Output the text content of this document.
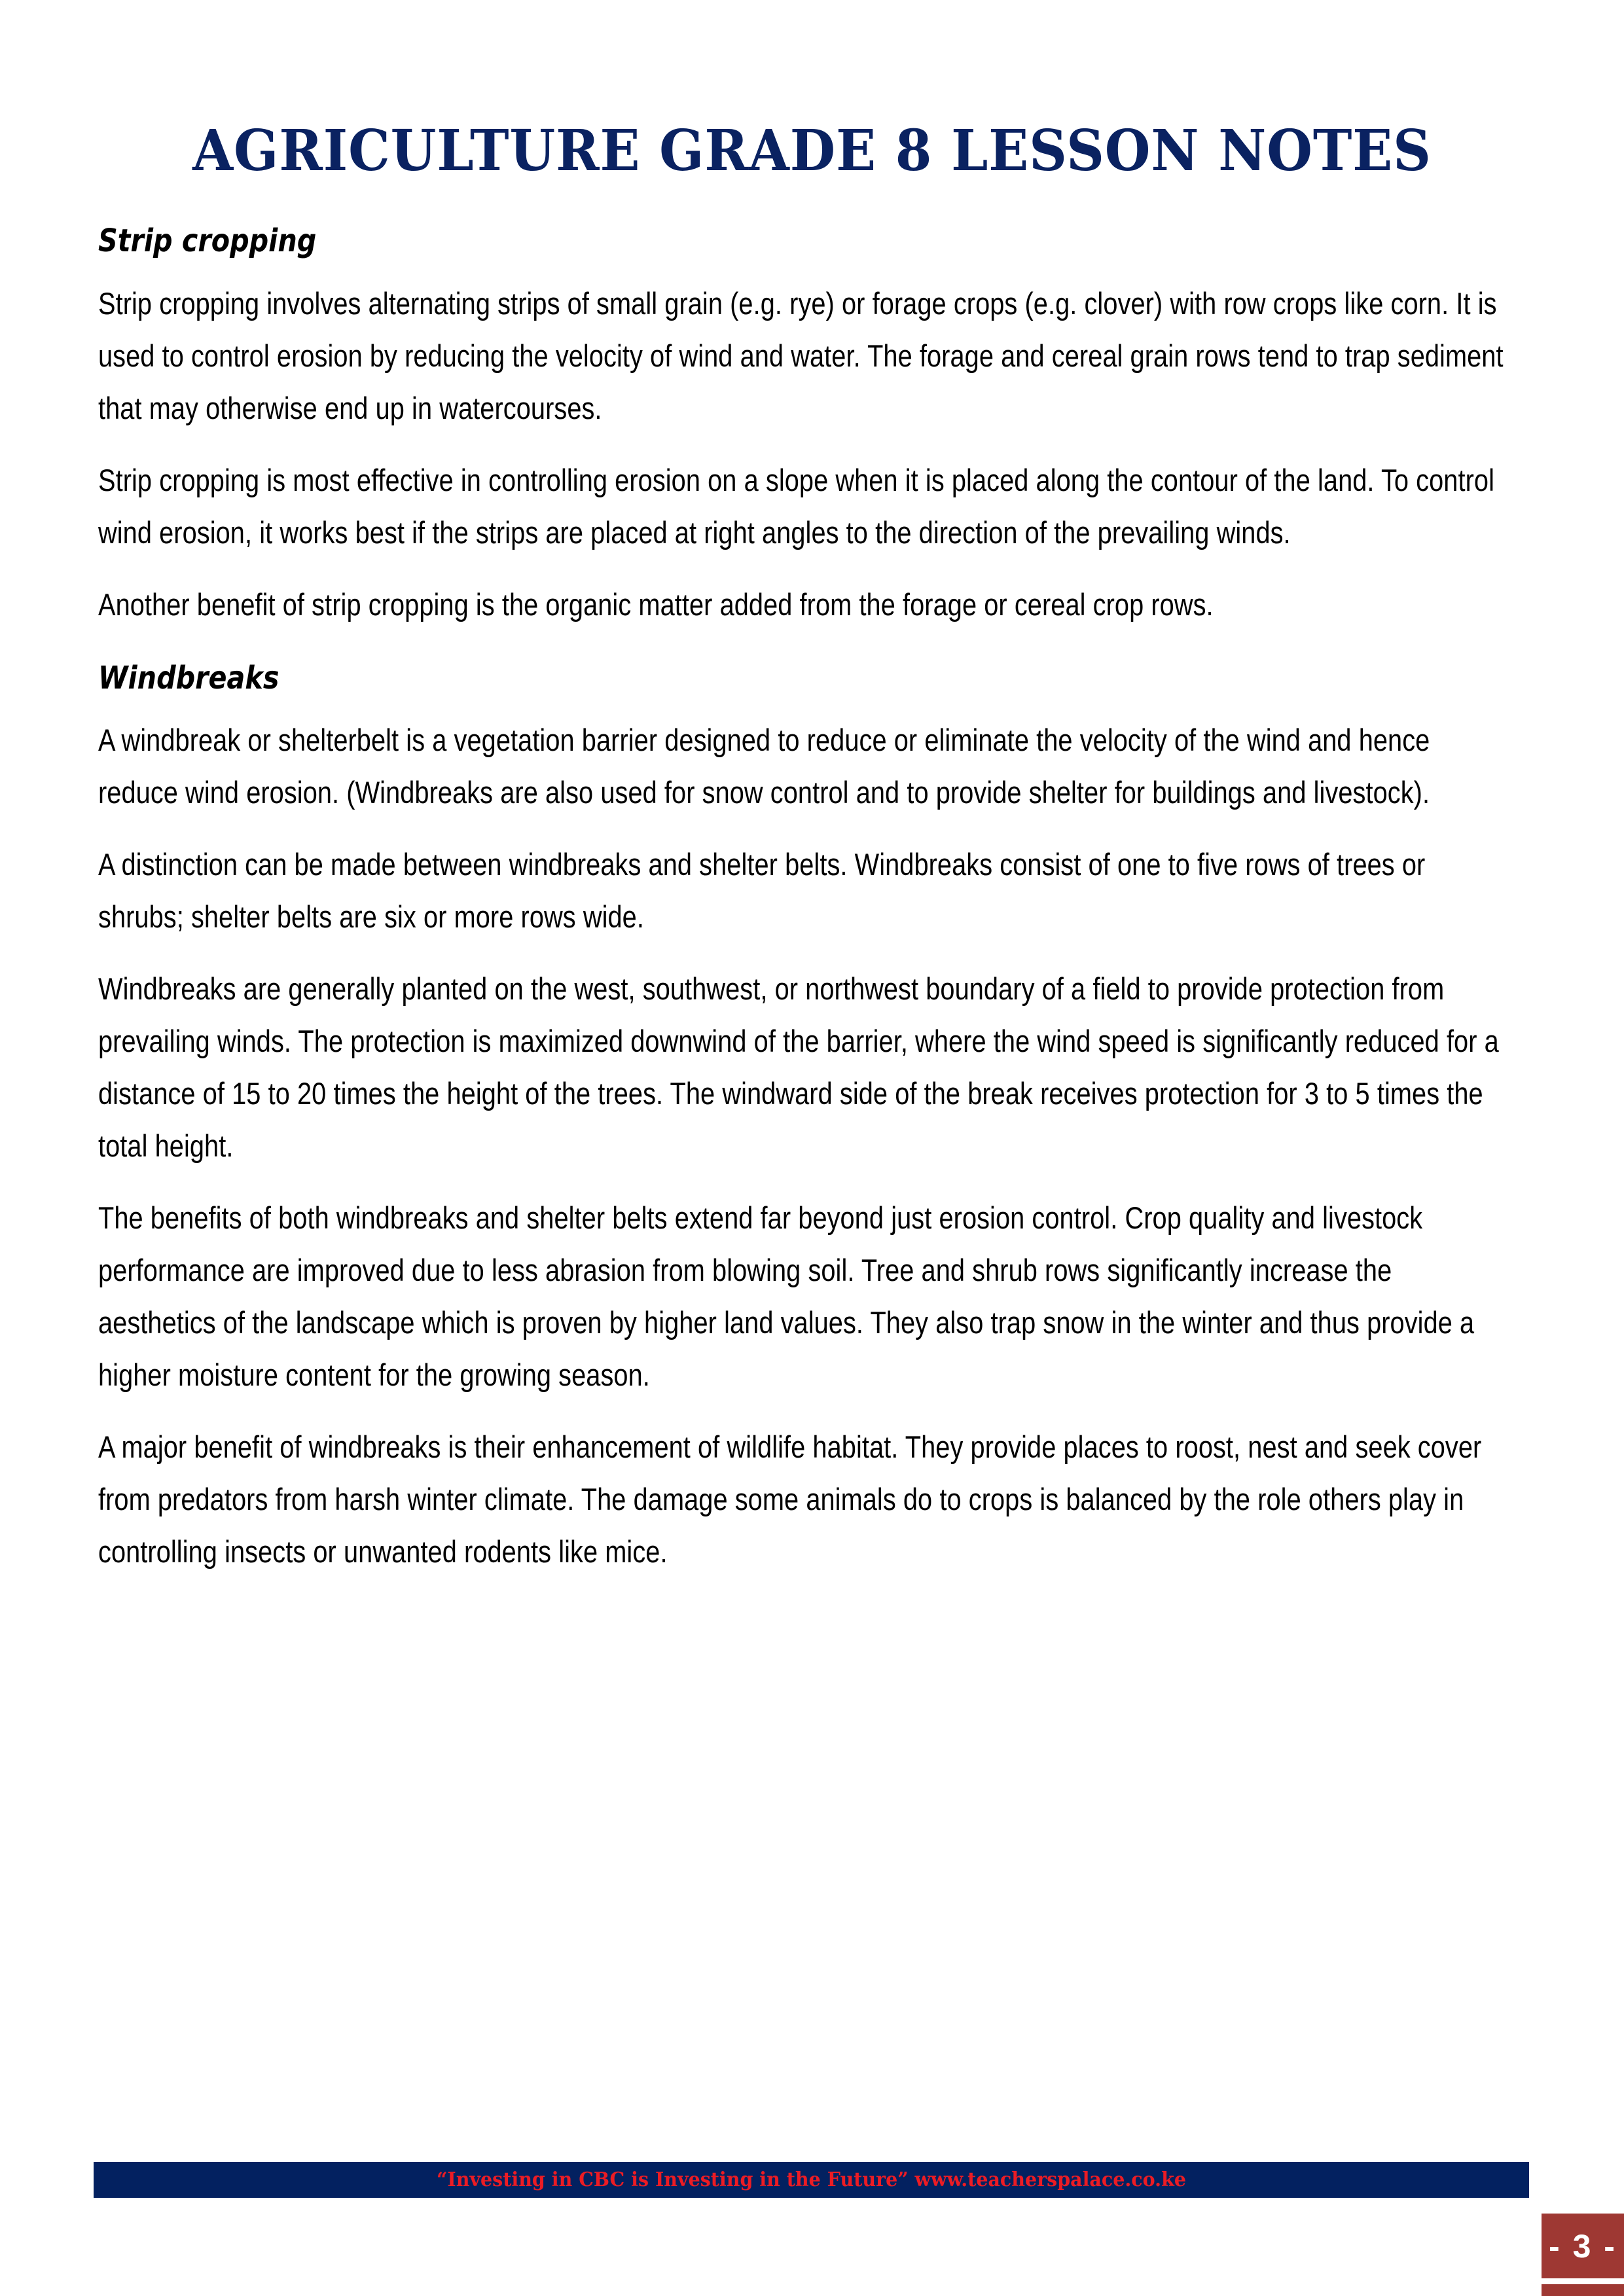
AGRICULTURE GRADE 8 LESSON NOTES
Strip cropping

Strip cropping involves alternating strips of small grain (e.g. rye) or forage crops (e.g. clover) with row crops like corn. It is used to control erosion by reducing the velocity of wind and water. The forage and cereal grain rows tend to trap sediment that may otherwise end up in watercourses.

Strip cropping is most effective in controlling erosion on a slope when it is placed along the contour of the land. To control wind erosion, it works best if the strips are placed at right angles to the direction of the prevailing winds.

Another benefit of strip cropping is the organic matter added from the forage or cereal crop rows.

Windbreaks

A windbreak or shelterbelt is a vegetation barrier designed to reduce or eliminate the velocity of the wind and hence reduce wind erosion. (Windbreaks are also used for snow control and to provide shelter for buildings and livestock).

A distinction can be made between windbreaks and shelter belts. Windbreaks consist of one to five rows of trees or shrubs; shelter belts are six or more rows wide.

Windbreaks are generally planted on the west, southwest, or northwest boundary of a field to provide protection from prevailing winds. The protection is maximized downwind of the barrier, where the wind speed is significantly reduced for a distance of 15 to 20 times the height of the trees. The windward side of the break receives protection for 3 to 5 times the total height.

The benefits of both windbreaks and shelter belts extend far beyond just erosion control. Crop quality and livestock performance are improved due to less abrasion from blowing soil. Tree and shrub rows significantly increase the aesthetics of the landscape which is proven by higher land values. They also trap snow in the winter and thus provide a higher moisture content for the growing season.

A major benefit of windbreaks is their enhancement of wildlife habitat. They provide places to roost, nest and seek cover from predators from harsh winter climate. The damage some animals do to crops is balanced by the role others play in controlling insects or unwanted rodents like mice.

“Investing in CBC is Investing in the Future” www.teacherspalace.co.ke
- 3 -
